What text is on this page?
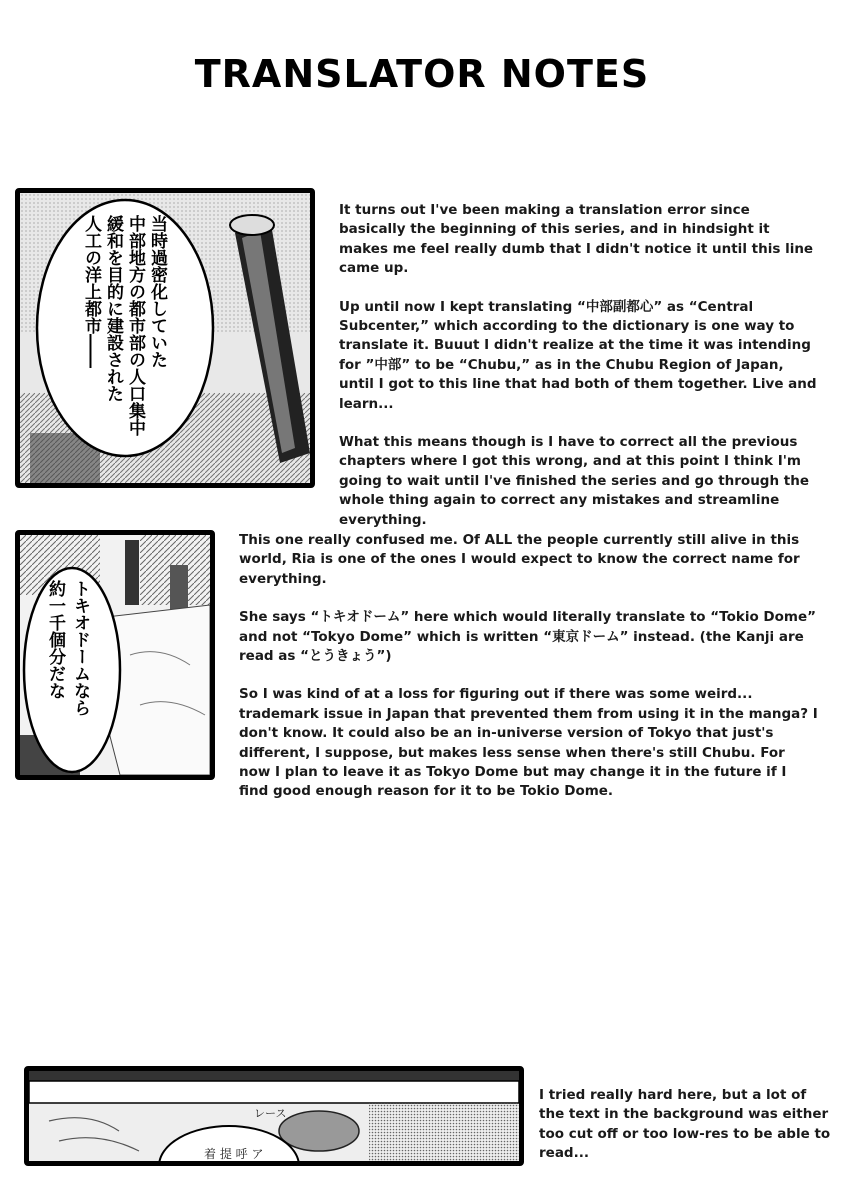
TRANSLATOR NOTES
当時過密化していた
中部地方の都市部の人口集中
緩和を目的に建設された
人工の洋上都市――

It turns out I've been making a translation error since basically the beginning of this series, and in hindsight it makes me feel really dumb that I didn't notice it until this line came up.

Up until now I kept translating “中部副都心” as “Central Subcenter,” which according to the dictionary is one way to translate it. Buuut I didn't realize at the time it was intending for ”中部” to be “Chubu,” as in the Chubu Region of Japan, until I got to this line that had both of them together. Live and learn...

What this means though is I have to correct all the previous chapters where I got this wrong, and at this point I think I'm going to wait until I've finished the series and go through the whole thing again to correct any mistakes and streamline everything.

トキオドームなら
約一千個分だな

This one really confused me. Of ALL the people currently still alive in this world, Ria is one of the ones I would expect to know the correct name for everything.

She says “トキオドーム” here which would literally translate to “Tokio Dome” and not “Tokyo Dome” which is written “東京ドーム” instead. (the Kanji are read as “とうきょう”)

So I was kind of at a loss for figuring out if there was some weird... trademark issue in Japan that prevented them from using it in the manga? I don't know. It could also be an in-universe version of Tokyo that just's different, I suppose, but makes less sense when there's still Chubu. For now I plan to leave it as Tokyo Dome but may change it in the future if I find good enough reason for it to be Tokio Dome.

レース
着 提 呼 ア

I tried really hard here, but a lot of the text in the background was either too cut off or too low-res to be able to read...
